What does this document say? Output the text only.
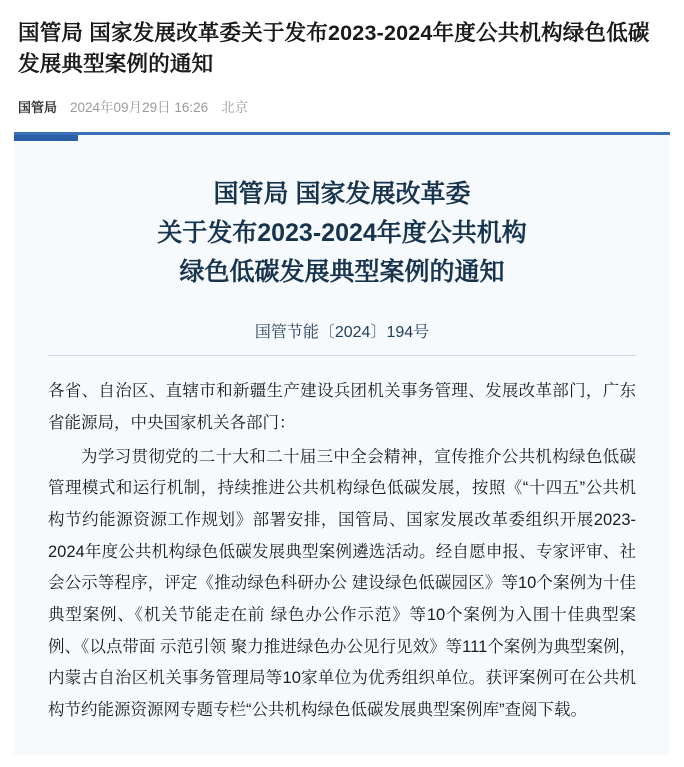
国管局 国家发展改革委关于发布2023-2024年度公共机构绿色低碳发展典型案例的通知
国管局 2024年09月29日 16:26 北京
国管局 国家发展改革委
关于发布2023-2024年度公共机构
绿色低碳发展典型案例的通知
国管节能〔2024〕194号

各省、自治区、直辖市和新疆生产建设兵团机关事务管理、发展改革部门，广东省能源局，中央国家机关各部门：

为学习贯彻党的二十大和二十届三中全会精神，宣传推介公共机构绿色低碳管理模式和运行机制，持续推进公共机构绿色低碳发展，按照《“十四五”公共机构节约能源资源工作规划》部署安排，国管局、国家发展改革委组织开展2023-2024年度公共机构绿色低碳发展典型案例遴选活动。经自愿申报、专家评审、社会公示等程序，评定《推动绿色科研办公 建设绿色低碳园区》等10个案例为十佳典型案例、《机关节能走在前 绿色办公作示范》等10个案例为入围十佳典型案例、《以点带面 示范引领 聚力推进绿色办公见行见效》等111个案例为典型案例，内蒙古自治区机关事务管理局等10家单位为优秀组织单位。获评案例可在公共机构节约能源资源网专题专栏“公共机构绿色低碳发展典型案例库”查阅下载。
